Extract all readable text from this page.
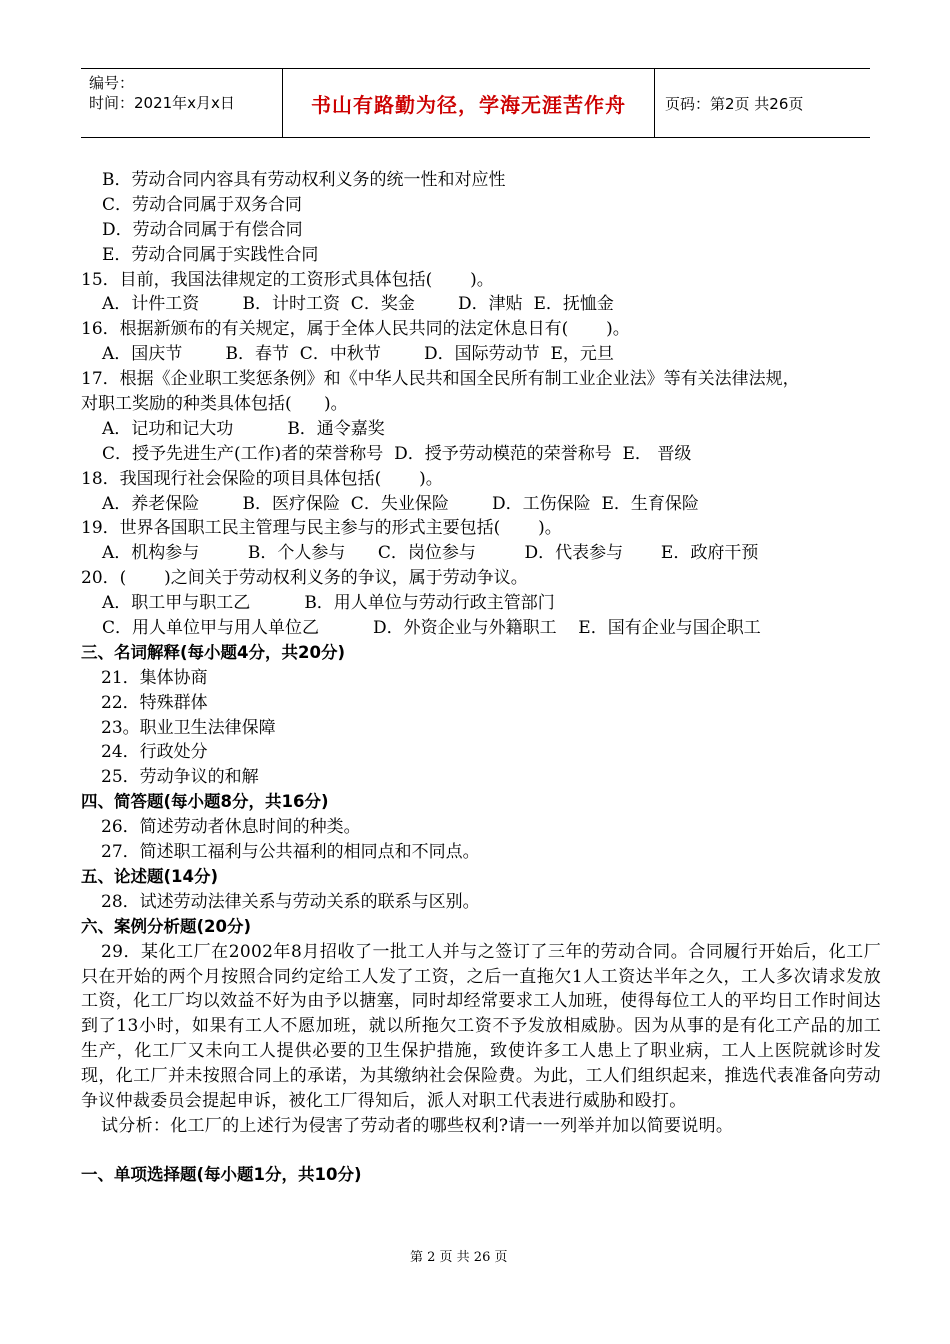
编号：
时间：2021年x月x日	书山有路勤为径，学海无涯苦作舟	页码：第2页 共26页
B．劳动合同内容具有劳动权利义务的统一性和对应性
C．劳动合同属于双务合同
D．劳动合同属于有偿合同
E．劳动合同属于实践性合同
15．目前，我国法律规定的工资形式具体包括(       )。
A．计件工资        B．计时工资  C．奖金        D．津贴  E．抚恤金
16．根据新颁布的有关规定，属于全体人民共同的法定休息日有(       )。
A．国庆节        B．春节  C．中秋节        D．国际劳动节  E，元旦
17．根据《企业职工奖惩条例》和《中华人民共和国全民所有制工业企业法》等有关法律法规，
对职工奖励的种类具体包括(      )。
A．记功和记大功          B．通令嘉奖
C．授予先进生产(工作)者的荣誉称号  D．授予劳动模范的荣誉称号  E． 晋级
18．我国现行社会保险的项目具体包括(       )。
A．养老保险        B．医疗保险  C．失业保险        D．工伤保险  E．生育保险
19．世界各国职工民主管理与民主参与的形式主要包括(       )。
A．机构参与         B．个人参与      C．岗位参与         D．代表参与       E．政府干预
20．(       )之间关于劳动权利义务的争议，属于劳动争议。
A．职工甲与职工乙          B．用人单位与劳动行政主管部门
C．用人单位甲与用人单位乙          D．外资企业与外籍职工    E．国有企业与国企职工
三、名词解释(每小题4分，共20分)
21．集体协商
22．特殊群体
23。职业卫生法律保障
24．行政处分
25．劳动争议的和解
四、简答题(每小题8分，共16分)
26．简述劳动者休息时间的种类。
27．简述职工福利与公共福利的相同点和不同点。
五、论述题(14分)
28．试述劳动法律关系与劳动关系的联系与区别。
六、案例分析题(20分)
29．某化工厂在2002年8月招收了一批工人并与之签订了三年的劳动合同。合同履行开始后，化工厂只在开始的两个月按照合同约定给工人发了工资，之后一直拖欠1人工资达半年之久，工人多次请求发放工资，化工厂均以效益不好为由予以搪塞，同时却经常要求工人加班，使得每位工人的平均日工作时间达到了13小时，如果有工人不愿加班，就以所拖欠工资不予发放相威胁。因为从事的是有化工产品的加工生产，化工厂又未向工人提供必要的卫生保护措施，致使许多工人患上了职业病，工人上医院就诊时发现，化工厂并未按照合同上的承诺，为其缴纳社会保险费。为此，工人们组织起来，推选代表准备向劳动争议仲裁委员会提起申诉，被化工厂得知后，派人对职工代表进行威胁和殴打。
试分析：化工厂的上述行为侵害了劳动者的哪些权利?请一一列举并加以简要说明。
一、单项选择题(每小题1分，共10分)
第 2 页 共 26 页
